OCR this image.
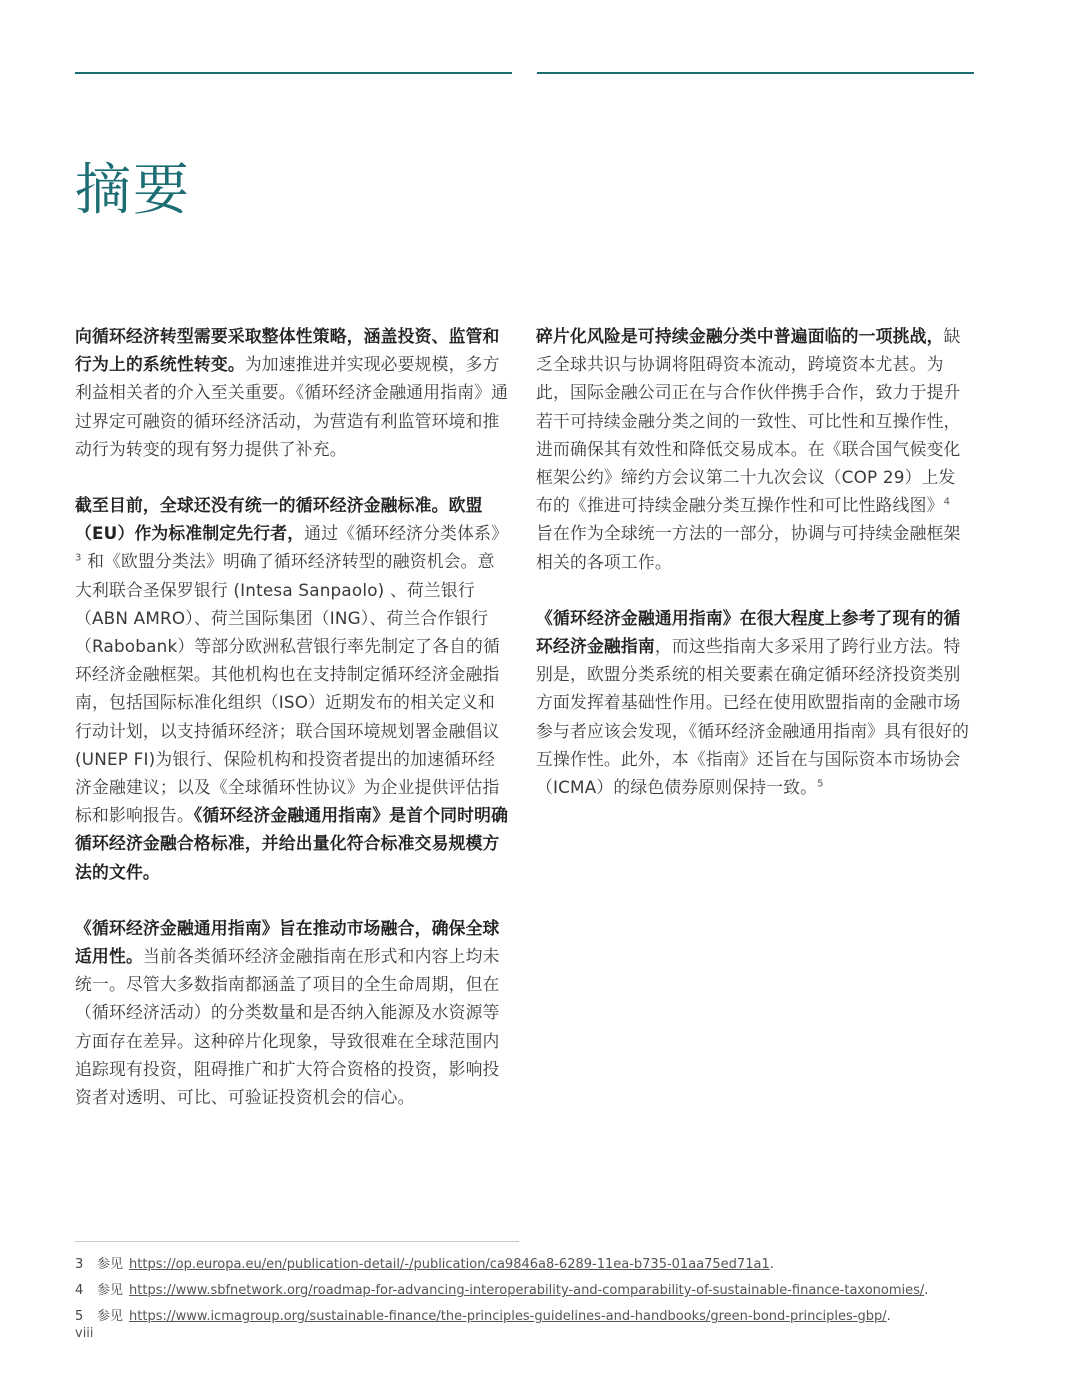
摘要

向循环经济转型需要采取整体性策略，涵盖投资、监管和行为上的系统性转变。为加速推进并实现必要规模，多方利益相关者的介入至关重要。《循环经济金融通用指南》通过界定可融资的循环经济活动，为营造有利监管环境和推动行为转变的现有努力提供了补充。

截至目前，全球还没有统一的循环经济金融标准。欧盟（EU）作为标准制定先行者，通过《循环经济分类体系》$^3$ 和《欧盟分类法》明确了循环经济转型的融资机会。意大利联合圣保罗银行 (Intesa Sanpaolo) 、荷兰银行（ABN AMRO）、荷兰国际集团（ING）、荷兰合作银行（Rabobank）等部分欧洲私营银行率先制定了各自的循环经济金融框架。其他机构也在支持制定循环经济金融指南，包括国际标准化组织（ISO）近期发布的相关定义和行动计划，以支持循环经济；联合国环境规划署金融倡议 (UNEP FI)为银行、保险机构和投资者提出的加速循环经济金融建议；以及《全球循环性协议》为企业提供评估指标和影响报告。《循环经济金融通用指南》是首个同时明确循环经济金融合格标准，并给出量化符合标准交易规模方法的文件。

《循环经济金融通用指南》旨在推动市场融合，确保全球适用性。当前各类循环经济金融指南在形式和内容上均未统一。尽管大多数指南都涵盖了项目的全生命周期，但在（循环经济活动）的分类数量和是否纳入能源及水资源等方面存在差异。这种碎片化现象，导致很难在全球范围内追踪现有投资，阻碍推广和扩大符合资格的投资，影响投资者对透明、可比、可验证投资机会的信心。

碎片化风险是可持续金融分类中普遍面临的一项挑战，缺乏全球共识与协调将阻碍资本流动，跨境资本尤甚。为此，国际金融公司正在与合作伙伴携手合作，致力于提升若干可持续金融分类之间的一致性、可比性和互操作性，进而确保其有效性和降低交易成本。在《联合国气候变化框架公约》缔约方会议第二十九次会议（COP 29）上发布的《推进可持续金融分类互操作性和可比性路线图》$^4$ 旨在作为全球统一方法的一部分，协调与可持续金融框架相关的各项工作。

《循环经济金融通用指南》在很大程度上参考了现有的循环经济金融指南，而这些指南大多采用了跨行业方法。特别是，欧盟分类系统的相关要素在确定循环经济投资类别方面发挥着基础性作用。已经在使用欧盟指南的金融市场参与者应该会发现，《循环经济金融通用指南》具有很好的互操作性。此外，本《指南》还旨在与国际资本市场协会（ICMA）的绿色债券原则保持一致。$^5$

3 参见 https://op.europa.eu/en/publication-detail/-/publication/ca9846a8-6289-11ea-b735-01aa75ed71a1.
4 参见 https://www.sbfnetwork.org/roadmap-for-advancing-interoperability-and-comparability-of-sustainable-finance-taxonomies/.
5 参见 https://www.icmagroup.org/sustainable-finance/the-principles-guidelines-and-handbooks/green-bond-principles-gbp/.
viii
